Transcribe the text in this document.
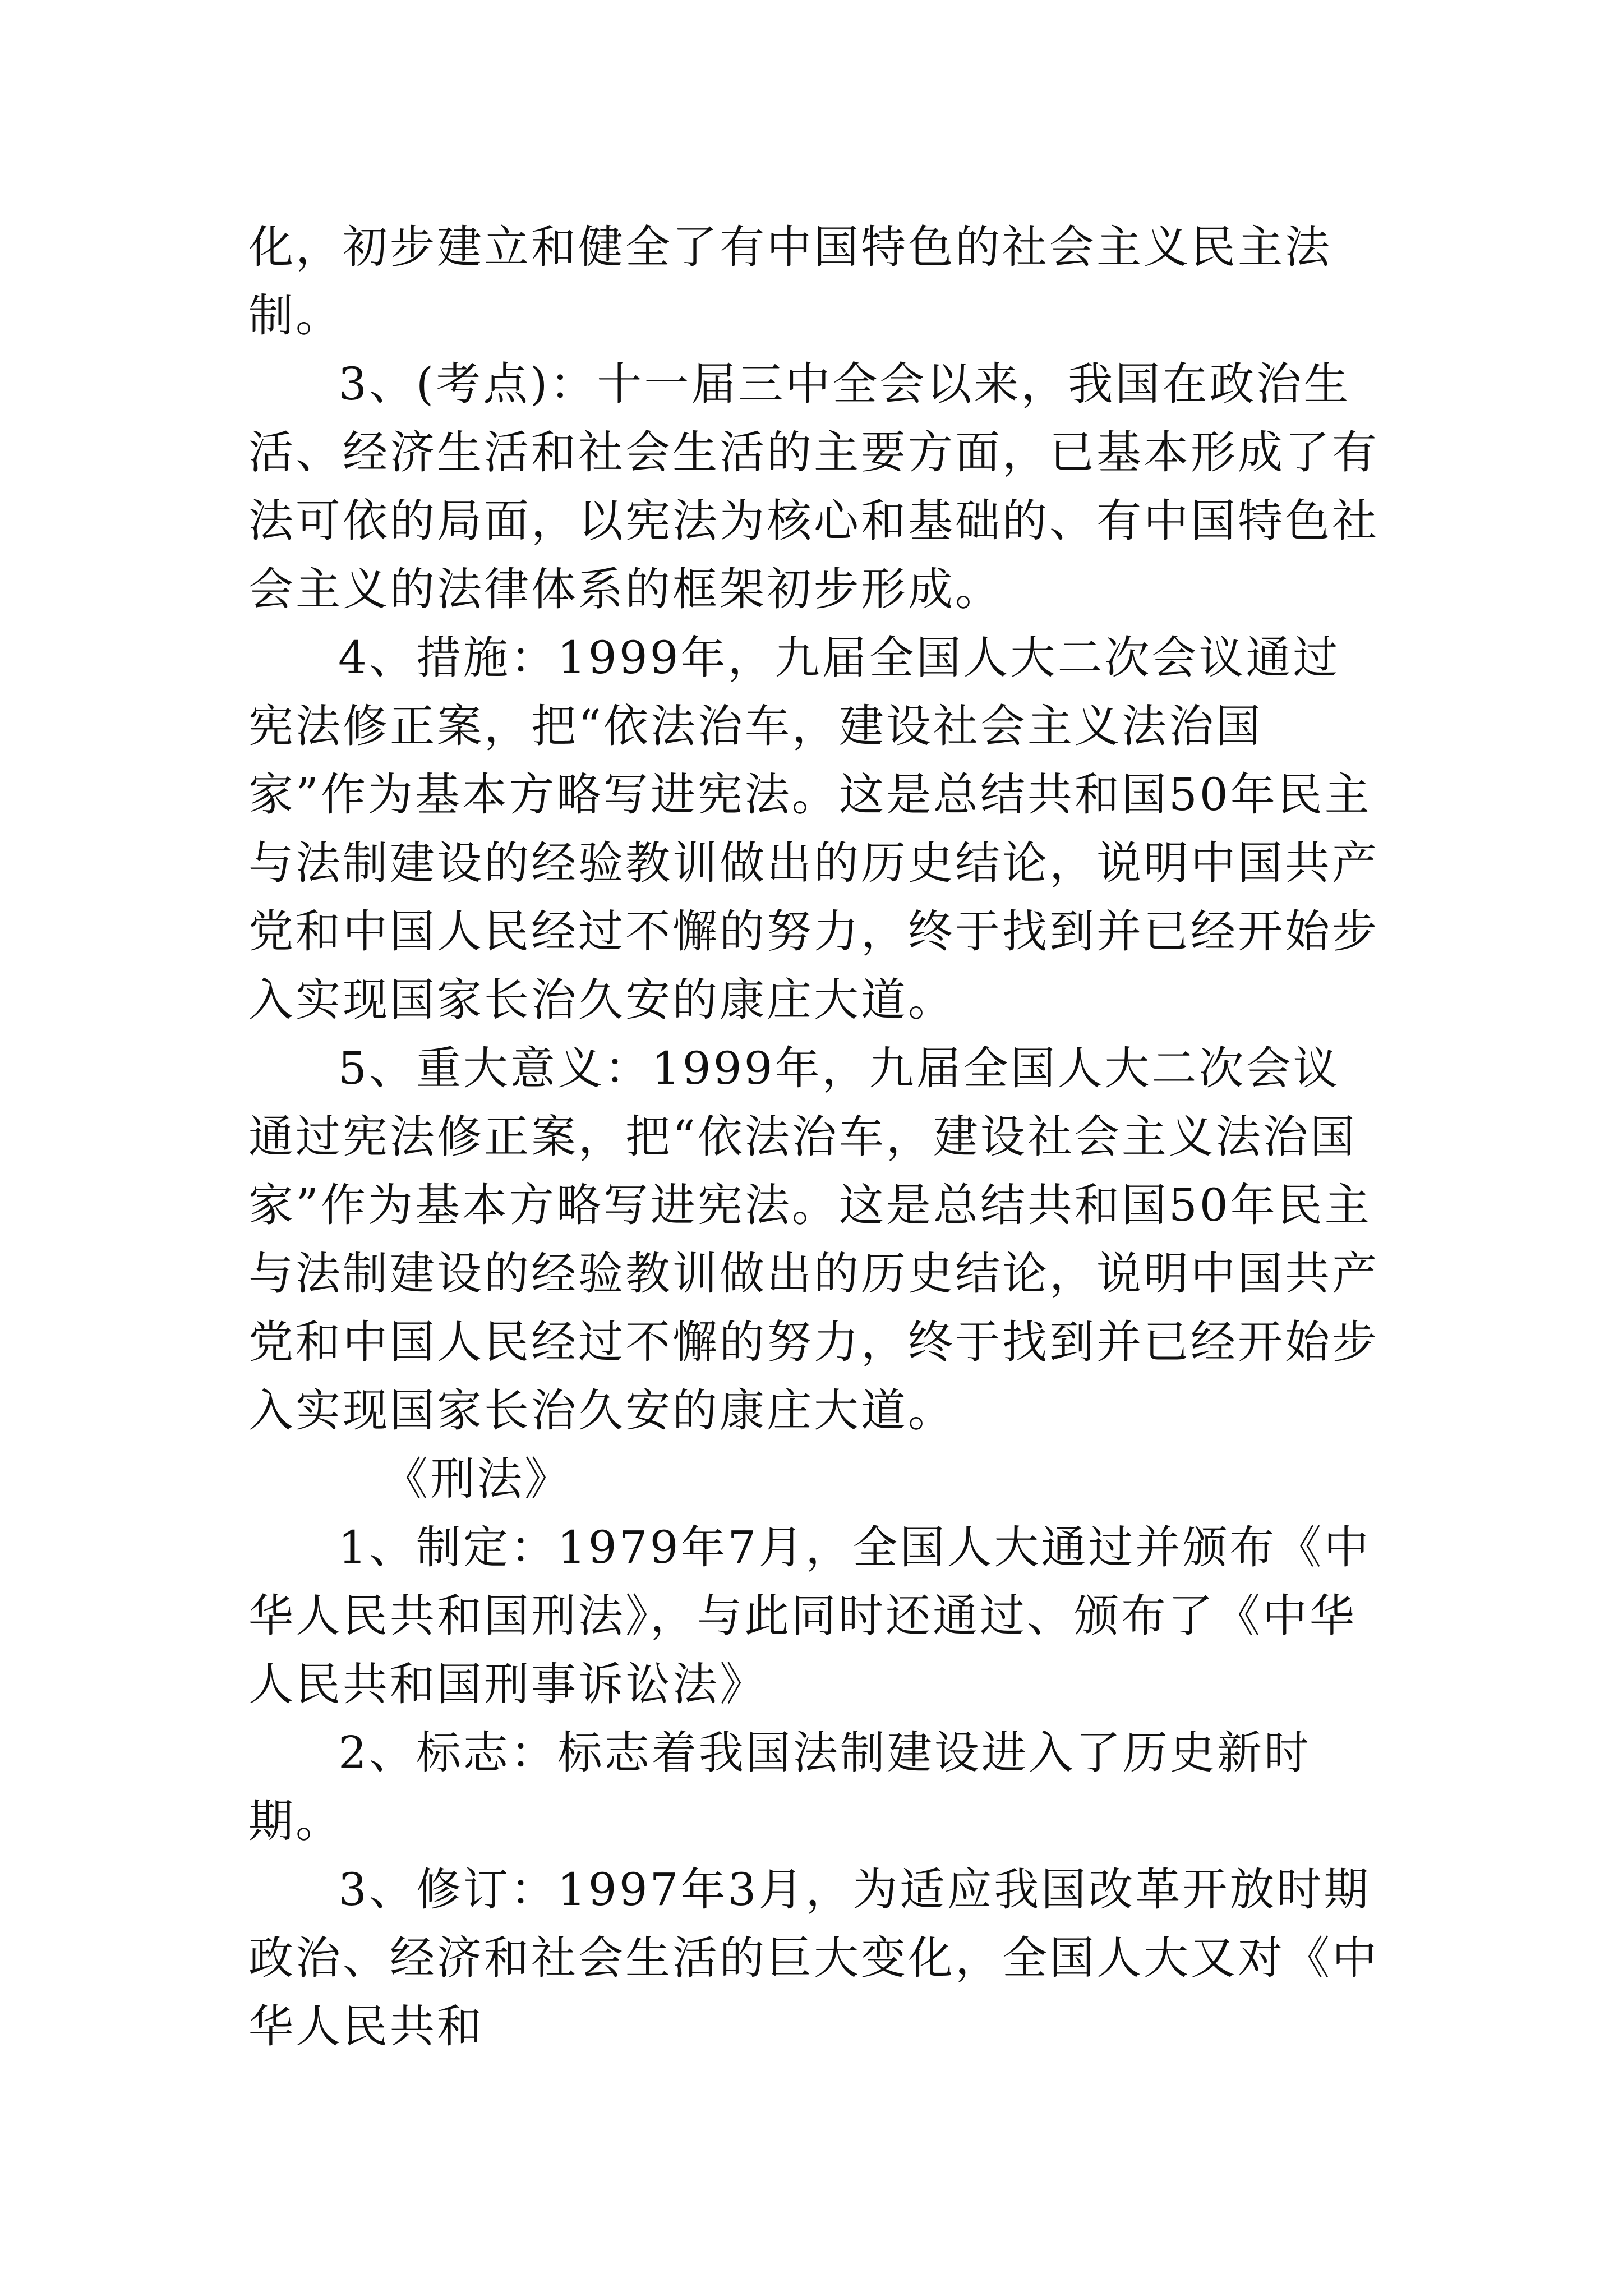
化，初步建立和健全了有中国特色的社会主义民主法制。

3、(考点)：十一届三中全会以来，我国在政治生活、经济生活和社会生活的主要方面，已基本形成了有法可依的局面，以宪法为核心和基础的、有中国特色社会主义的法律体系的框架初步形成。

4、措施：1999年，九届全国人大二次会议通过宪法修正案，把“依法治车，建设社会主义法治国家”作为基本方略写进宪法。这是总结共和国50年民主与法制建设的经验教训做出的历史结论，说明中国共产党和中国人民经过不懈的努力，终于找到并已经开始步入实现国家长治久安的康庄大道。

5、重大意义：1999年，九届全国人大二次会议通过宪法修正案，把“依法治车，建设社会主义法治国家”作为基本方略写进宪法。这是总结共和国50年民主与法制建设的经验教训做出的历史结论，说明中国共产党和中国人民经过不懈的努力，终于找到并已经开始步入实现国家长治久安的康庄大道。

《刑法》

1、制定：1979年7月，全国人大通过并颁布《中华人民共和国刑法》，与此同时还通过、颁布了《中华人民共和国刑事诉讼法》

2、标志：标志着我国法制建设进入了历史新时期。

3、修订：1997年3月，为适应我国改革开放时期政治、经济和社会生活的巨大变化，全国人大又对《中华人民共和
